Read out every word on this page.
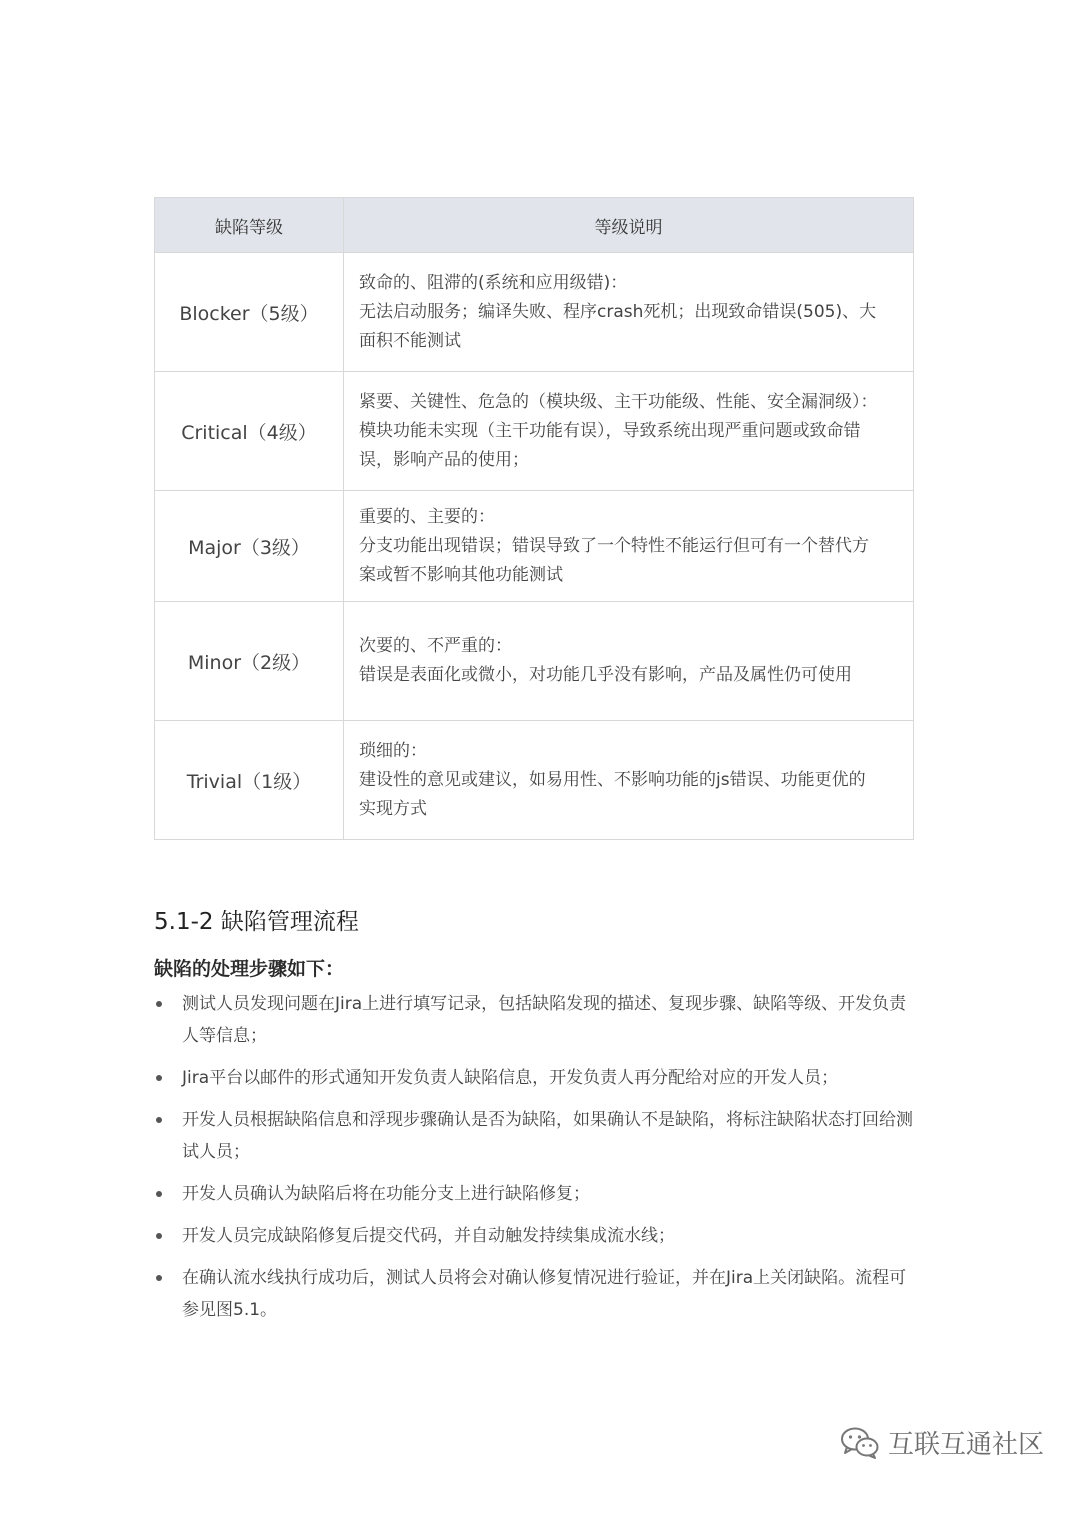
缺陷等级	等级说明
Blocker（5级）	致命的、阻滞的(系统和应用级错)：
无法启动服务；编译失败、程序crash死机；出现致命错误(505)、大
面积不能测试

Critical（4级）	紧要、关键性、危急的（模块级、主干功能级、性能、安全漏洞级）：
模块功能未实现（主干功能有误），导致系统出现严重问题或致命错
误，影响产品的使用；

Major（3级）	重要的、主要的：
分支功能出现错误；错误导致了一个特性不能运行但可有一个替代方
案或暂不影响其他功能测试

Minor（2级）	次要的、不严重的：
错误是表面化或微小，对功能几乎没有影响，产品及属性仍可使用

Trivial（1级）	琐细的：
建设性的意见或建议，如易用性、不影响功能的js错误、功能更优的
实现方式
5.1-2 缺陷管理流程
缺陷的处理步骤如下：
测试人员发现问题在Jira上进行填写记录，包括缺陷发现的描述、复现步骤、缺陷等级、开发负责人等信息；
Jira平台以邮件的形式通知开发负责人缺陷信息，开发负责人再分配给对应的开发人员；
开发人员根据缺陷信息和浮现步骤确认是否为缺陷，如果确认不是缺陷，将标注缺陷状态打回给测试人员；
开发人员确认为缺陷后将在功能分支上进行缺陷修复；
开发人员完成缺陷修复后提交代码，并自动触发持续集成流水线；
在确认流水线执行成功后，测试人员将会对确认修复情况进行验证，并在Jira上关闭缺陷。流程可参见图5.1。
互联互通社区
